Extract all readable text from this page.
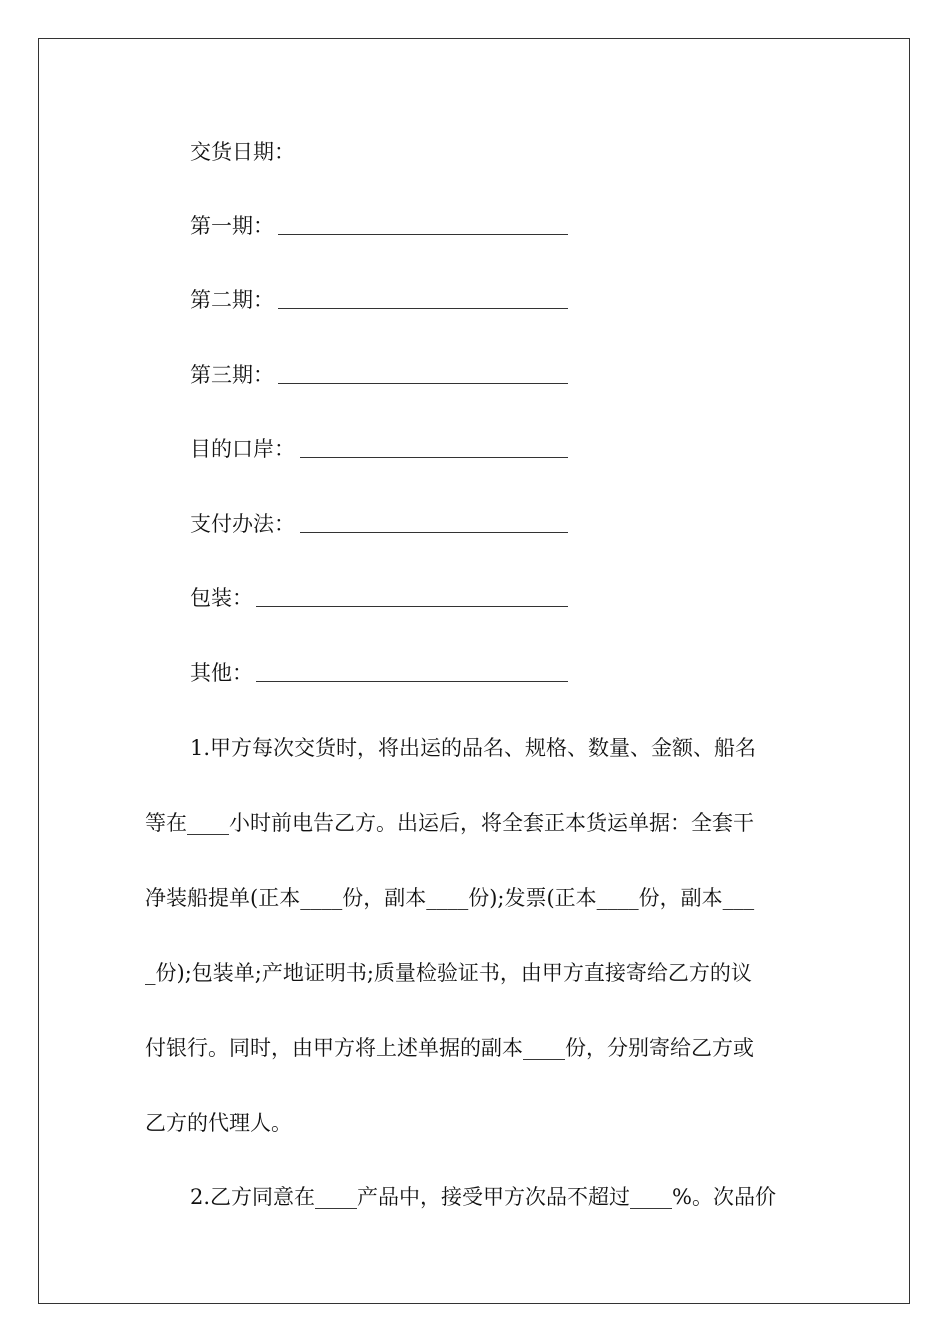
交货日期：
第一期：
第二期：
第三期：
目的口岸：
支付办法：
包装：
其他：
1.甲方每次交货时，将出运的品名、规格、数量、金额、船名
等在____小时前电告乙方。出运后，将全套正本货运单据：全套干
净装船提单(正本____份，副本____份);发票(正本____份，副本___
_份);包装单;产地证明书;质量检验证书，由甲方直接寄给乙方的议
付银行。同时，由甲方将上述单据的副本____份，分别寄给乙方或
乙方的代理人。
2.乙方同意在____产品中，接受甲方次品不超过____%。次品价
